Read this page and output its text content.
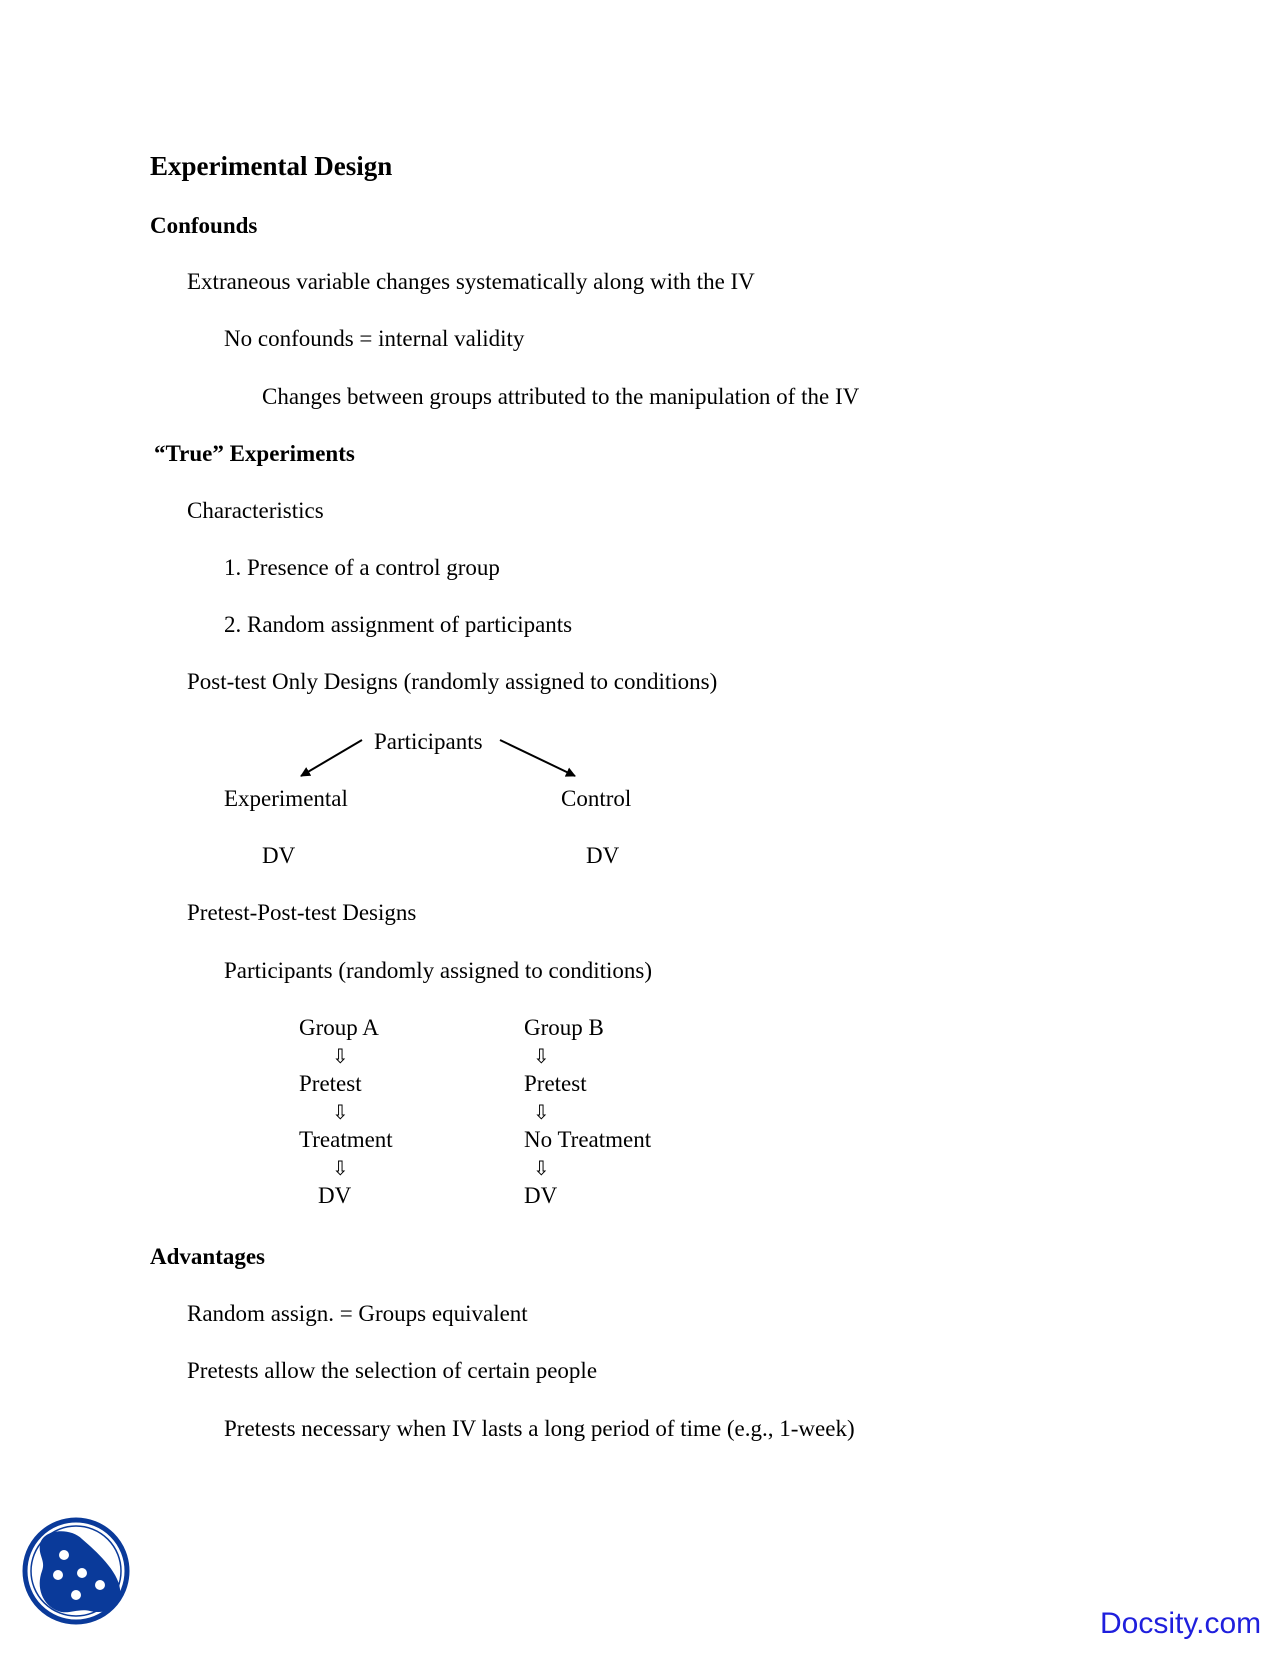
Experimental Design
Confounds
Extraneous variable changes systematically along with the IV
No confounds = internal validity
Changes between groups attributed to the manipulation of the IV
“True” Experiments
Characteristics
1. Presence of a control group
2. Random assignment of participants
Post-test Only Designs (randomly assigned to conditions)
Participants
Experimental	Control
DV	DV
Pretest-Post-test Designs
Participants (randomly assigned to conditions)
Group A
⇩
Pretest
⇩
Treatment
⇩
DV
Group B
⇩
Pretest
⇩
No Treatment
⇩
DV
Advantages
Random assign. = Groups equivalent
Pretests allow the selection of certain people
Pretests necessary when IV lasts a long period of time (e.g., 1-week)
Docsity.com
